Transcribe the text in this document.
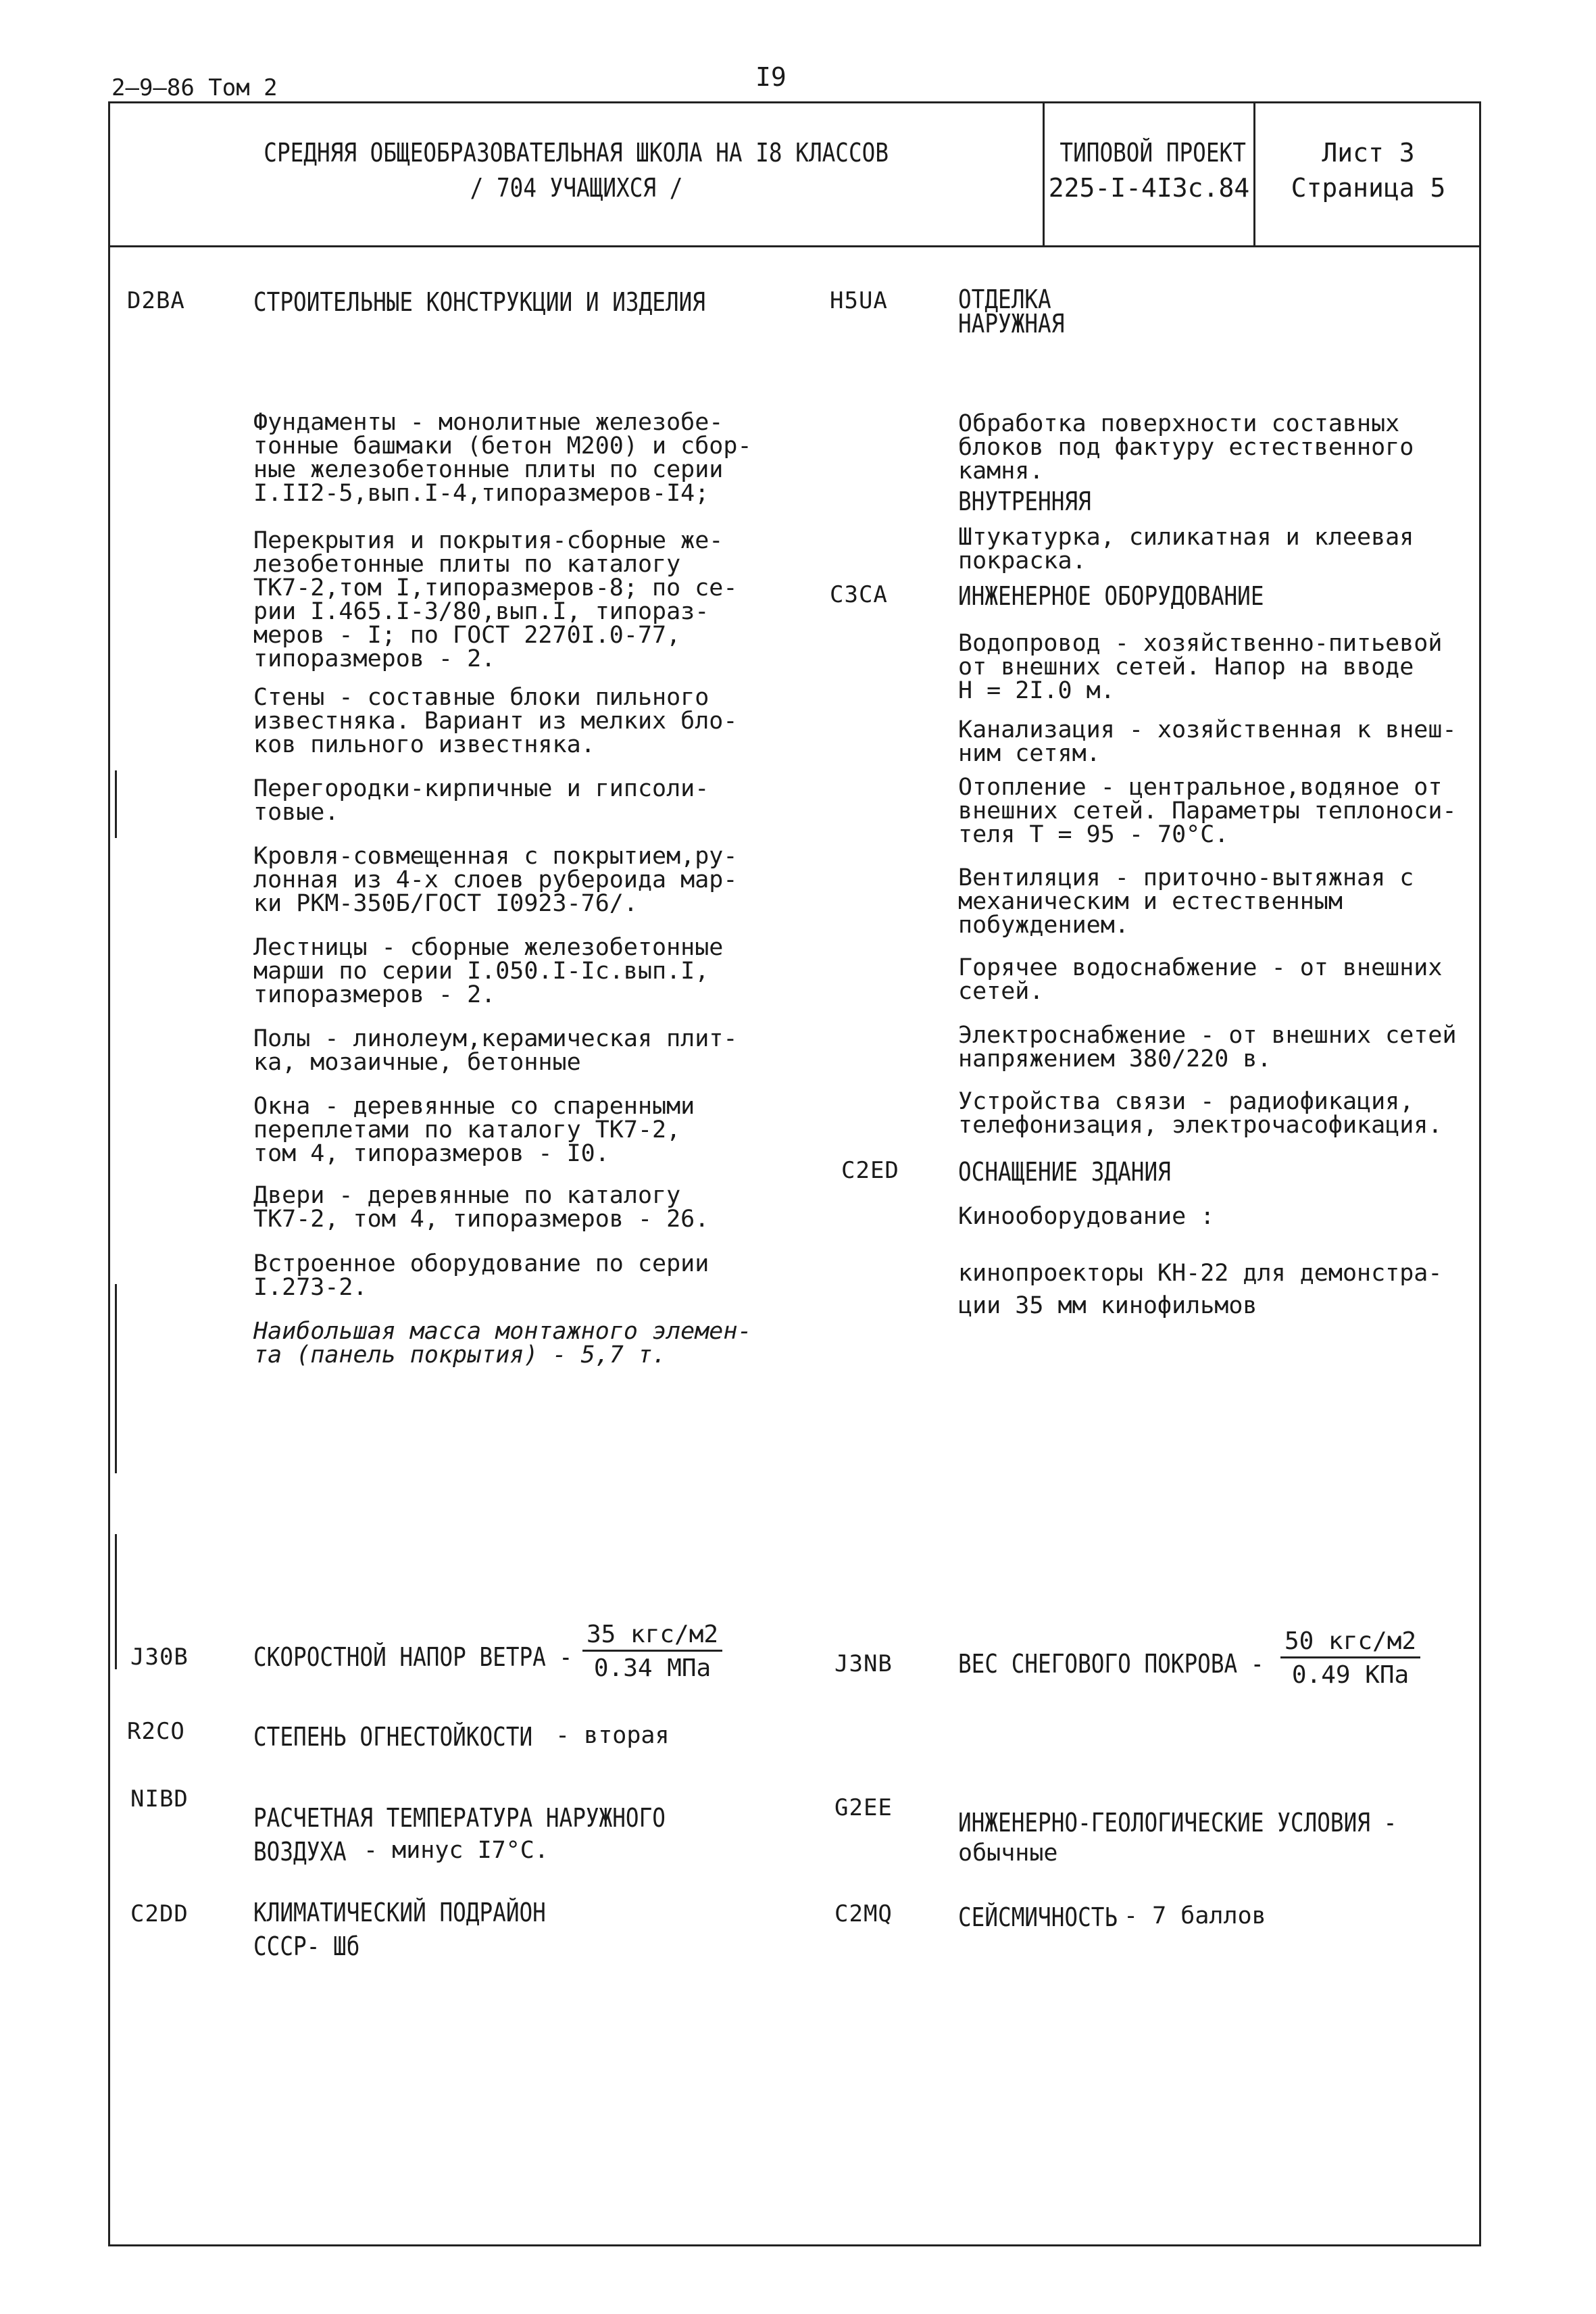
2–9–86 Том 2	I9
СРЕДНЯЯ ОБЩЕОБРАЗОВАТЕЛЬНАЯ ШКОЛА НА I8 КЛАССОВ
/ 704 УЧАЩИХСЯ /
ТИПОВОЙ ПРОЕКТ
225-I-4I3с.84
Лист 3
Страница 5
D2BA	СТРОИТЕЛЬНЫЕ КОНСТРУКЦИИ И ИЗДЕЛИЯ
Фундаменты - монолитные железобе-
тонные башмаки (бетон М200) и сбор-
ные железобетонные плиты по серии
I.II2-5,вып.I-4,типоразмеров-I4;
Перекрытия и покрытия-сборные же-
лезобетонные плиты по каталогу
ТК7-2,том I,типоразмеров-8; по се-
рии I.465.I-3/80,вып.I, типораз-
меров - I; по ГОСТ 2270I.0-77,
типоразмеров - 2.
Стены - составные блоки пильного
известняка. Вариант из мелких бло-
ков пильного известняка.
Перегородки-кирпичные и гипсоли-
товые.
Кровля-совмещенная с покрытием,ру-
лонная из 4-х слоев рубероида мар-
ки РКМ-350Б/ГОСТ I0923-76/.
Лестницы - сборные железобетонные
марши по серии I.050.I-Iс.вып.I,
типоразмеров - 2.
Полы - линолеум,керамическая плит-
ка, мозаичные, бетонные
Окна - деревянные со спаренными
переплетами по каталогу ТК7-2,
том 4, типоразмеров - I0.
Двери - деревянные по каталогу
ТК7-2, том 4, типоразмеров - 26.
Встроенное оборудование по серии
I.273-2.
Наибольшая масса монтажного элемен-
та (панель покрытия) - 5,7 т.
H5UA	ОТДЕЛКА
НАРУЖНАЯ
Обработка поверхности составных
блоков под фактуру естественного
камня.
ВНУТРЕННЯЯ
Штукатурка, силикатная и клеевая
покраска.
C3CA	ИНЖЕНЕРНОЕ ОБОРУДОВАНИЕ
Водопровод - хозяйственно-питьевой
от внешних сетей. Напор на вводе
Н = 2I.0 м.
Канализация - хозяйственная к внеш-
ним сетям.
Отопление - центральное,водяное от
внешних сетей. Параметры теплоноси-
теля Т = 95 - 70°С.
Вентиляция - приточно-вытяжная с
механическим и естественным
побуждением.
Горячее водоснабжение - от внешних
сетей.
Электроснабжение - от внешних сетей
напряжением 380/220 в.
Устройства связи - радиофикация,
телефонизация, электрочасофикация.
C2ED ОСНАЩЕНИЕ ЗДАНИЯ
Кинооборудование :
кинопроекторы КН-22 для демонстра-
ции 35 мм кинофильмов
J30B	СКОРОСТНОЙ НАПОР ВЕТРА -
35 кгс/м2
0.34 МПа	J3NB	ВЕС СНЕГОВОГО ПОКРОВА -
50 кгс/м2
0.49 КПа
R2CO	СТЕПЕНЬ ОГНЕСТОЙКОСТИ - вторая
NIBD
РАСЧЕТНАЯ ТЕМПЕРАТУРА НАРУЖНОГО
ВОЗДУХА - минус I7°С.
G2EE	ИНЖЕНЕРНО-ГЕОЛОГИЧЕСКИЕ УСЛОВИЯ -
обычные
C2DD	КЛИМАТИЧЕСКИЙ ПОДРАЙОН
СССР- Шб
C2MQ	СЕЙСМИЧНОСТЬ - 7 баллов
